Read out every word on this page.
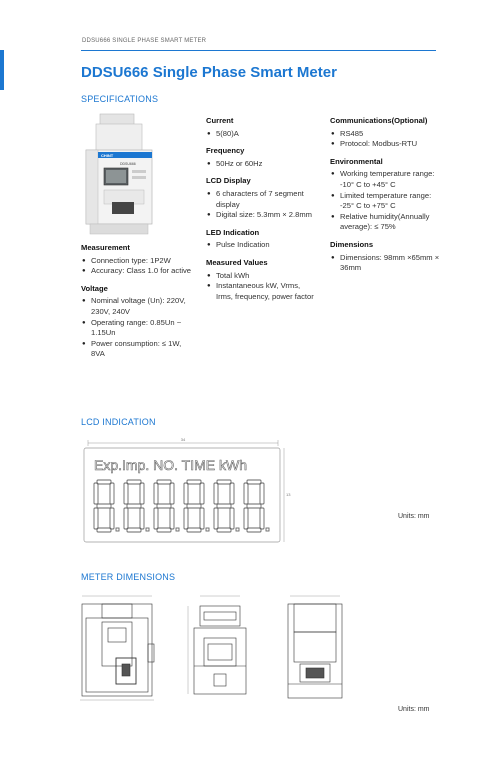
DDSU666 SINGLE PHASE SMART METER
DDSU666 Single Phase Smart Meter
SPECIFICATIONS
CHINT
DDSU666
Measurement
● Connection type: 1P2W
● Accuracy: Class 1.0 for active
Voltage
● Nominal voltage (Un): 220V, 230V, 240V
● Operating range: 0.85Un ~ 1.15Un
● Power consumption: ≤ 1W, 8VA
Current
● 5(80)A
Frequency
● 50Hz or 60Hz
LCD Display
● 6 characters of 7 segment display
● Digital size: 5.3mm × 2.8mm
LED Indication
● Pulse Indication
Measured Values
● Total kWh
● Instantaneous kW, Vrms, Irms, frequency, power factor
Communications(Optional)
● RS485
● Protocol: Modbus-RTU
Environmental
● Working temperature range: -10° C to +45° C
● Limited temperature range: -25° C to +75° C
● Relative humidity(Annually average): ≤ 75%
Dimensions
● Dimensions: 98mm ×65mm × 36mm
LCD INDICATION
34
13
Exp.Imp. NO. TIME kWh
Units: mm
METER DIMENSIONS
Units: mm
